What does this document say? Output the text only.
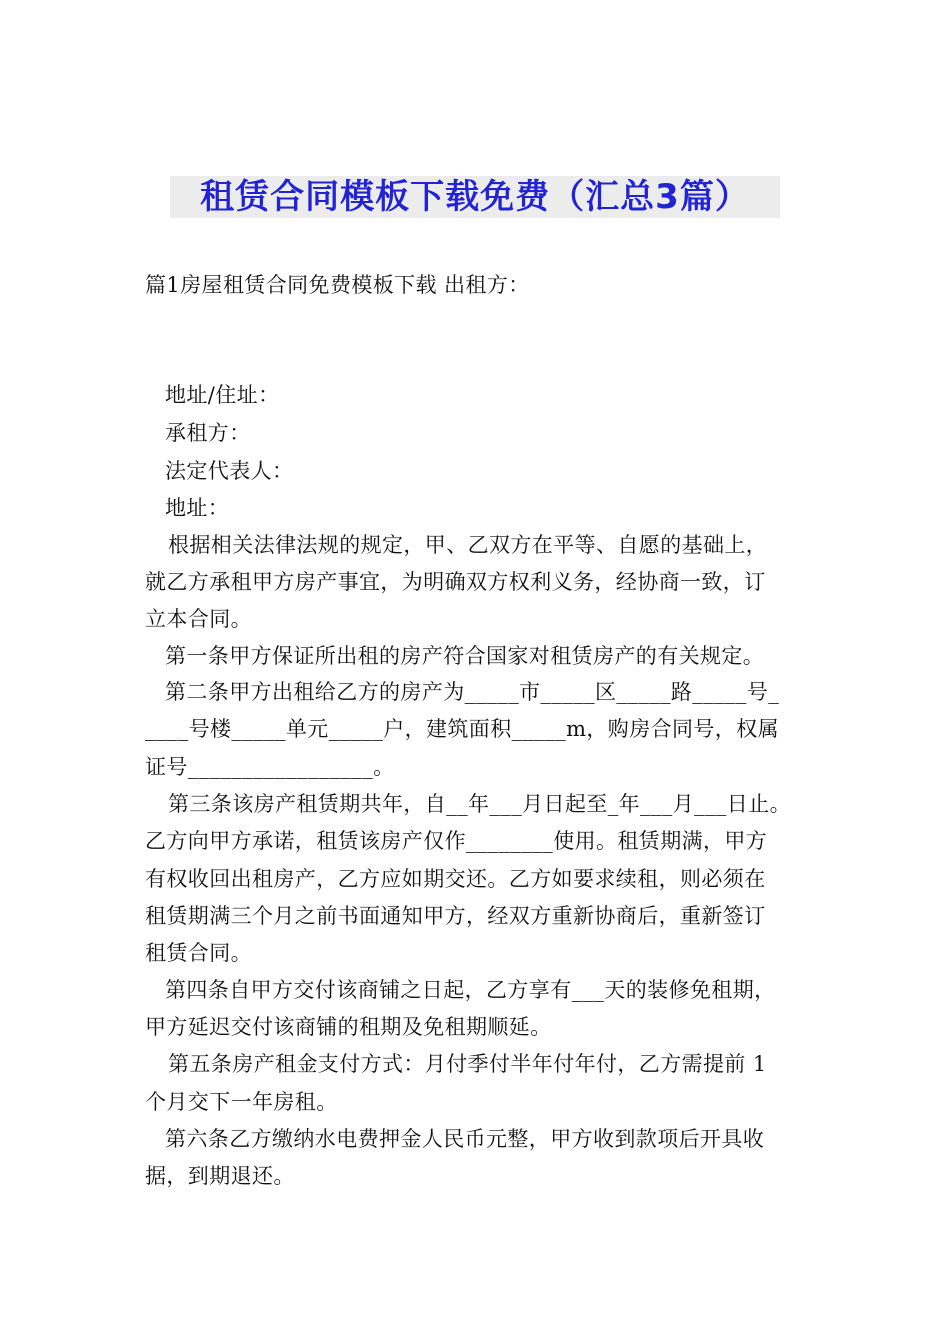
租赁合同模板下载免费（汇总3篇）
篇1房屋租赁合同免费模板下载 出租方：
地址/住址：
承租方：
法定代表人：
地址：
根据相关法律法规的规定，甲、乙双方在平等、自愿的基础上，
就乙方承租甲方房产事宜，为明确双方权利义务，经协商一致，订
立本合同。
第一条甲方保证所出租的房产符合国家对租赁房产的有关规定。
第二条甲方出租给乙方的房产为_____市_____区_____路_____号_
____号楼_____单元_____户，建筑面积_____m，购房合同号，权属
证号_________________。
第三条该房产租赁期共年，自__年___月日起至_年___月___日止。
乙方向甲方承诺，租赁该房产仅作________使用。租赁期满，甲方
有权收回出租房产，乙方应如期交还。乙方如要求续租，则必须在
租赁期满三个月之前书面通知甲方，经双方重新协商后，重新签订
租赁合同。
第四条自甲方交付该商铺之日起，乙方享有___天的装修免租期，
甲方延迟交付该商铺的租期及免租期顺延。
第五条房产租金支付方式：月付季付半年付年付，乙方需提前 1
个月交下一年房租。
第六条乙方缴纳水电费押金人民币元整，甲方收到款项后开具收
据，到期退还。
